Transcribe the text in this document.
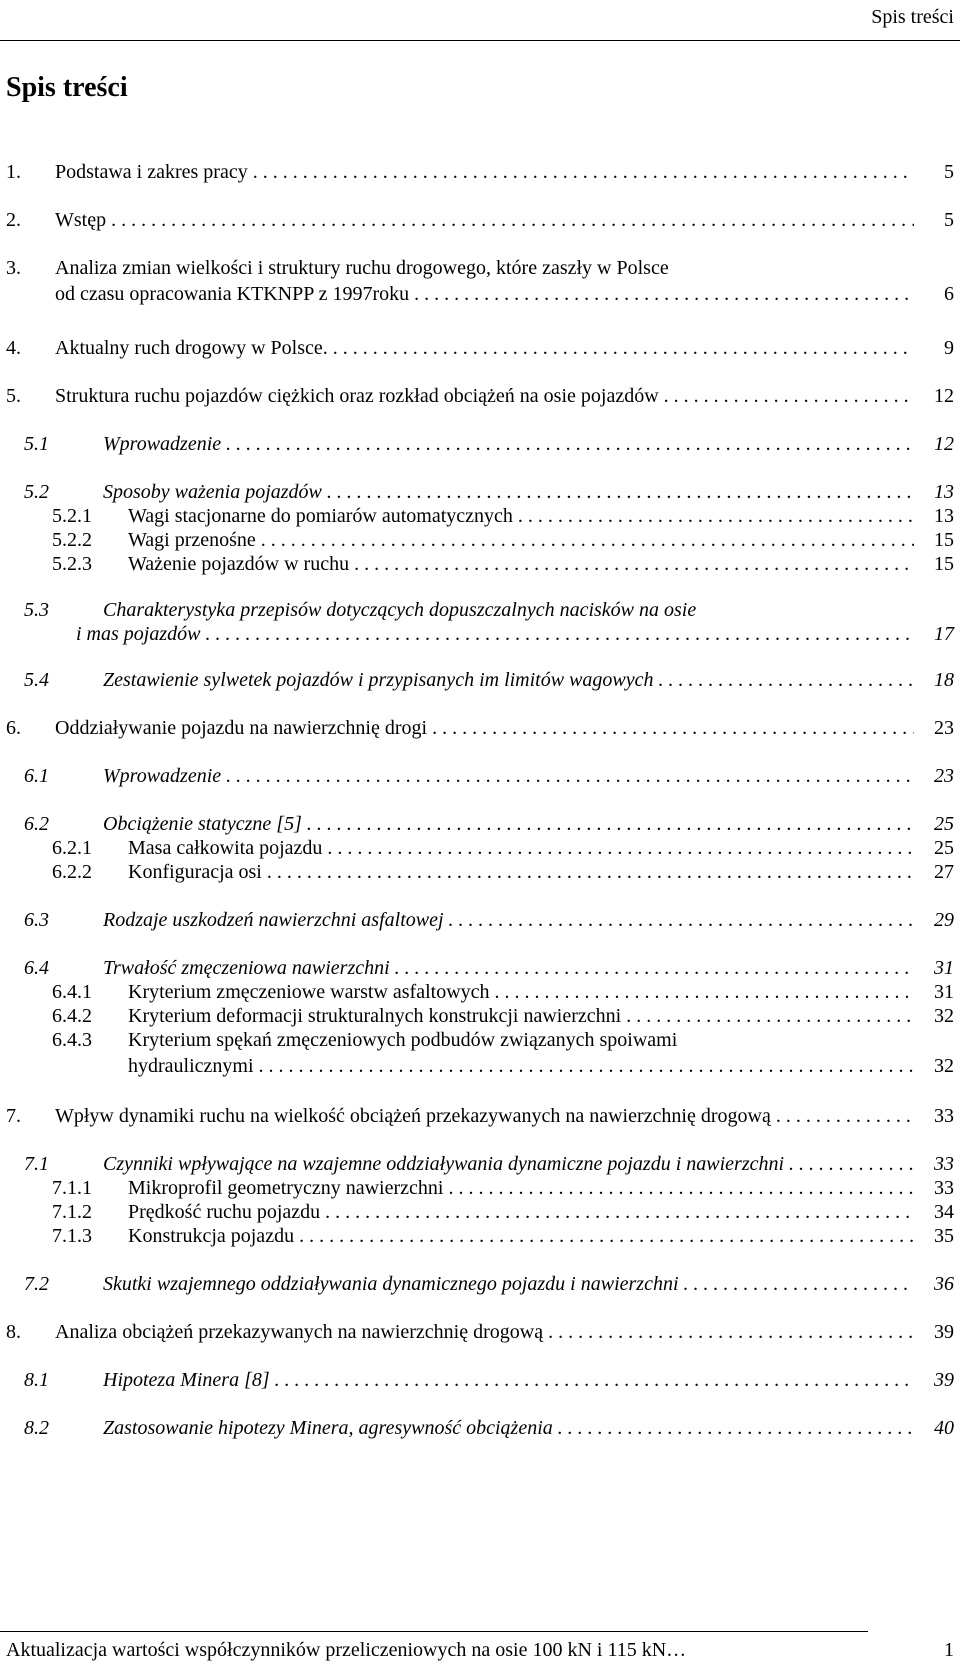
Spis treści
Spis treści
1. Podstawa i zakres pracy . . .	5
2. Wstęp . . .	5
3. Analiza zmian wielkości i struktury ruchu drogowego, które zaszły w Polsce
od czasu opracowania KTKNPP z 1997roku . . .	6
4. Aktualny ruch drogowy w Polsce. . . .	9
5. Struktura ruchu pojazdów ciężkich oraz rozkład obciążeń na osie pojazdów . . .	12
5.1	Wprowadzenie . . .	12
5.2	Sposoby ważenia pojazdów . . .	13
5.2.1 Wagi stacjonarne do pomiarów automatycznych . . .	13
5.2.2 Wagi przenośne . . .	15
5.2.3 Ważenie pojazdów w ruchu . . .	15
5.3	Charakterystyka przepisów dotyczących dopuszczalnych nacisków na osie
i mas pojazdów . . .	17
5.4	Zestawienie sylwetek pojazdów i przypisanych im limitów wagowych . . .	18
6. Oddziaływanie pojazdu na nawierzchnię drogi . . .	23
6.1	Wprowadzenie . . .	23
6.2	Obciążenie statyczne [5] . . .	25
6.2.1 Masa całkowita pojazdu . . .	25
6.2.2 Konfiguracja osi . . .	27
6.3	Rodzaje uszkodzeń nawierzchni asfaltowej . . .	29
6.4	Trwałość zmęczeniowa nawierzchni . . .	31
6.4.1 Kryterium zmęczeniowe warstw asfaltowych . . .	31
6.4.2 Kryterium deformacji strukturalnych konstrukcji nawierzchni . . .	32
6.4.3 Kryterium spękań zmęczeniowych podbudów związanych spoiwami
hydraulicznymi . . .	32
7. Wpływ dynamiki ruchu na wielkość obciążeń przekazywanych na nawierzchnię drogową . . .	33
7.1	Czynniki wpływające na wzajemne oddziaływania dynamiczne pojazdu i nawierzchni . . .	33
7.1.1 Mikroprofil geometryczny nawierzchni . . .	33
7.1.2 Prędkość ruchu pojazdu . . .	34
7.1.3 Konstrukcja pojazdu . . .	35
7.2	Skutki wzajemnego oddziaływania dynamicznego pojazdu i nawierzchni . . .	36
8. Analiza obciążeń przekazywanych na nawierzchnię drogową . . .	39
8.1	Hipoteza Minera [8] . . .	39
8.2	Zastosowanie hipotezy Minera, agresywność obciążenia . . .	40
Aktualizacja wartości współczynników przeliczeniowych na osie 100 kN i 115 kN…	1
